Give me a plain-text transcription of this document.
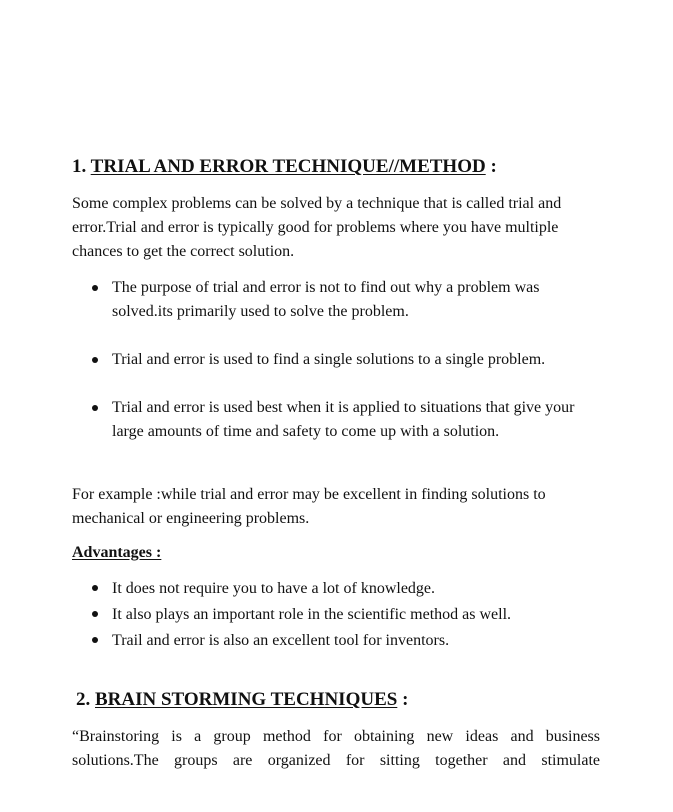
1. TRIAL AND ERROR TECHNIQUE//METHOD :
Some complex problems can be solved by a technique that is called trial and error.Trial and error is typically good for problems where you have multiple chances to get the correct solution.
The purpose of trial and error is not to find out why a problem was solved.its primarily used to solve the problem.
Trial and error is used to find a single solutions to a single problem.
Trial and error is used best when it is applied to situations that give your large amounts of time and safety to come up with a solution.
For example :while trial and error may be excellent in finding solutions to mechanical or engineering problems.
Advantages :
It does not require you to have a lot of knowledge.
It also plays an important role in the scientific method as well.
Trail and error is also an excellent tool for inventors.
2. BRAIN STORMING TECHNIQUES :
“Brainstoring is a group method for obtaining new ideas and business
solutions.The groups are organized for sitting together and stimulate
